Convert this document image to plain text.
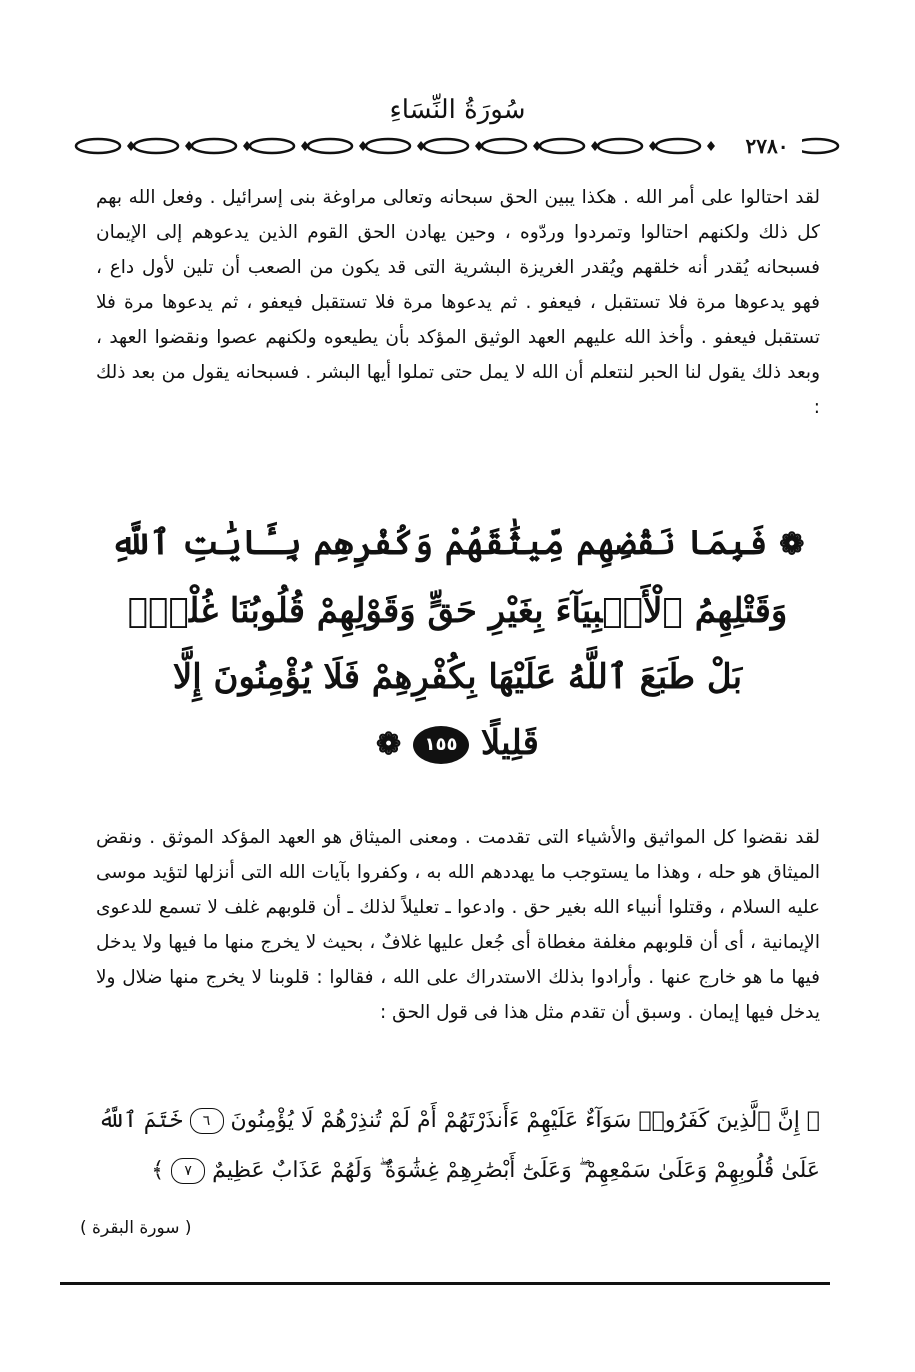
سُورَةُ النِّسَاءِ
٢٧٨٠
لقد احتالوا على أمر الله . هكذا يبين الحق سبحانه وتعالى مراوغة بنى إسرائيل . وفعل الله بهم كل ذلك ولكنهم احتالوا وتمردوا وردّوه ، وحين يهادن الحق القوم الذين يدعوهم إلى الإيمان فسبحانه يُقدر أنه خلقهم ويُقدر الغريزة البشرية التى قد يكون من الصعب أن تلين لأول داع ، فهو يدعوها مرة فلا تستقبل ، فيعفو . ثم يدعوها مرة فلا تستقبل فيعفو ، ثم يدعوها مرة فلا تستقبل فيعفو . وأخذ الله عليهم العهد الوثيق المؤكد بأن يطيعوه ولكنهم عصوا ونقضوا العهد ، وبعد ذلك يقول لنا الحبر لنتعلم أن الله لا يمل حتى تملوا أيها البشر . فسبحانه يقول من بعد ذلك :
❁ فَبِمَا نَقْضِهِم مِّيثَٰقَهُمْ وَكُفْرِهِم بِـَٔايَٰتِ ٱللَّهِ
وَقَتْلِهِمُ ٱلْأَنۢبِيَآءَ بِغَيْرِ حَقٍّ وَقَوْلِهِمْ قُلُوبُنَا غُلْفٌۢ
بَلْ طَبَعَ ٱللَّهُ عَلَيْهَا بِكُفْرِهِمْ فَلَا يُؤْمِنُونَ إِلَّا
قَلِيلًا ١٥٥ ❁
لقد نقضوا كل المواثيق والأشياء التى تقدمت . ومعنى الميثاق هو العهد المؤكد الموثق . ونقض الميثاق هو حله ، وهذا ما يستوجب ما يهددهم الله به ، وكفروا بآيات الله التى أنزلها لتؤيد موسى عليه السلام ، وقتلوا أنبياء الله بغير حق . وادعوا ـ تعليلاً لذلك ـ أن قلوبهم غلف لا تسمع للدعوى الإيمانية ، أى أن قلوبهم مغلفة مغطاة أى جُعل عليها غلافٌ ، بحيث لا يخرج منها ما فيها ولا يدخل فيها ما هو خارج عنها . وأرادوا بذلك الاستدراك على الله ، فقالوا : قلوبنا لا يخرج منها ضلال ولا يدخل فيها إيمان . وسبق أن تقدم مثل هذا فى قول الحق :
﴿ إِنَّ ٱلَّذِينَ كَفَرُوا۟ سَوَآءٌ عَلَيْهِمْ ءَأَنذَرْتَهُمْ أَمْ لَمْ تُنذِرْهُمْ لَا يُؤْمِنُونَ ٦ خَتَمَ ٱللَّهُ
عَلَىٰ قُلُوبِهِمْ وَعَلَىٰ سَمْعِهِمْ ۖ وَعَلَىٰٓ أَبْصَٰرِهِمْ غِشَٰوَةٌ ۖ وَلَهُمْ عَذَابٌ عَظِيمٌ ٧ ﴾
( سورة البقرة )
